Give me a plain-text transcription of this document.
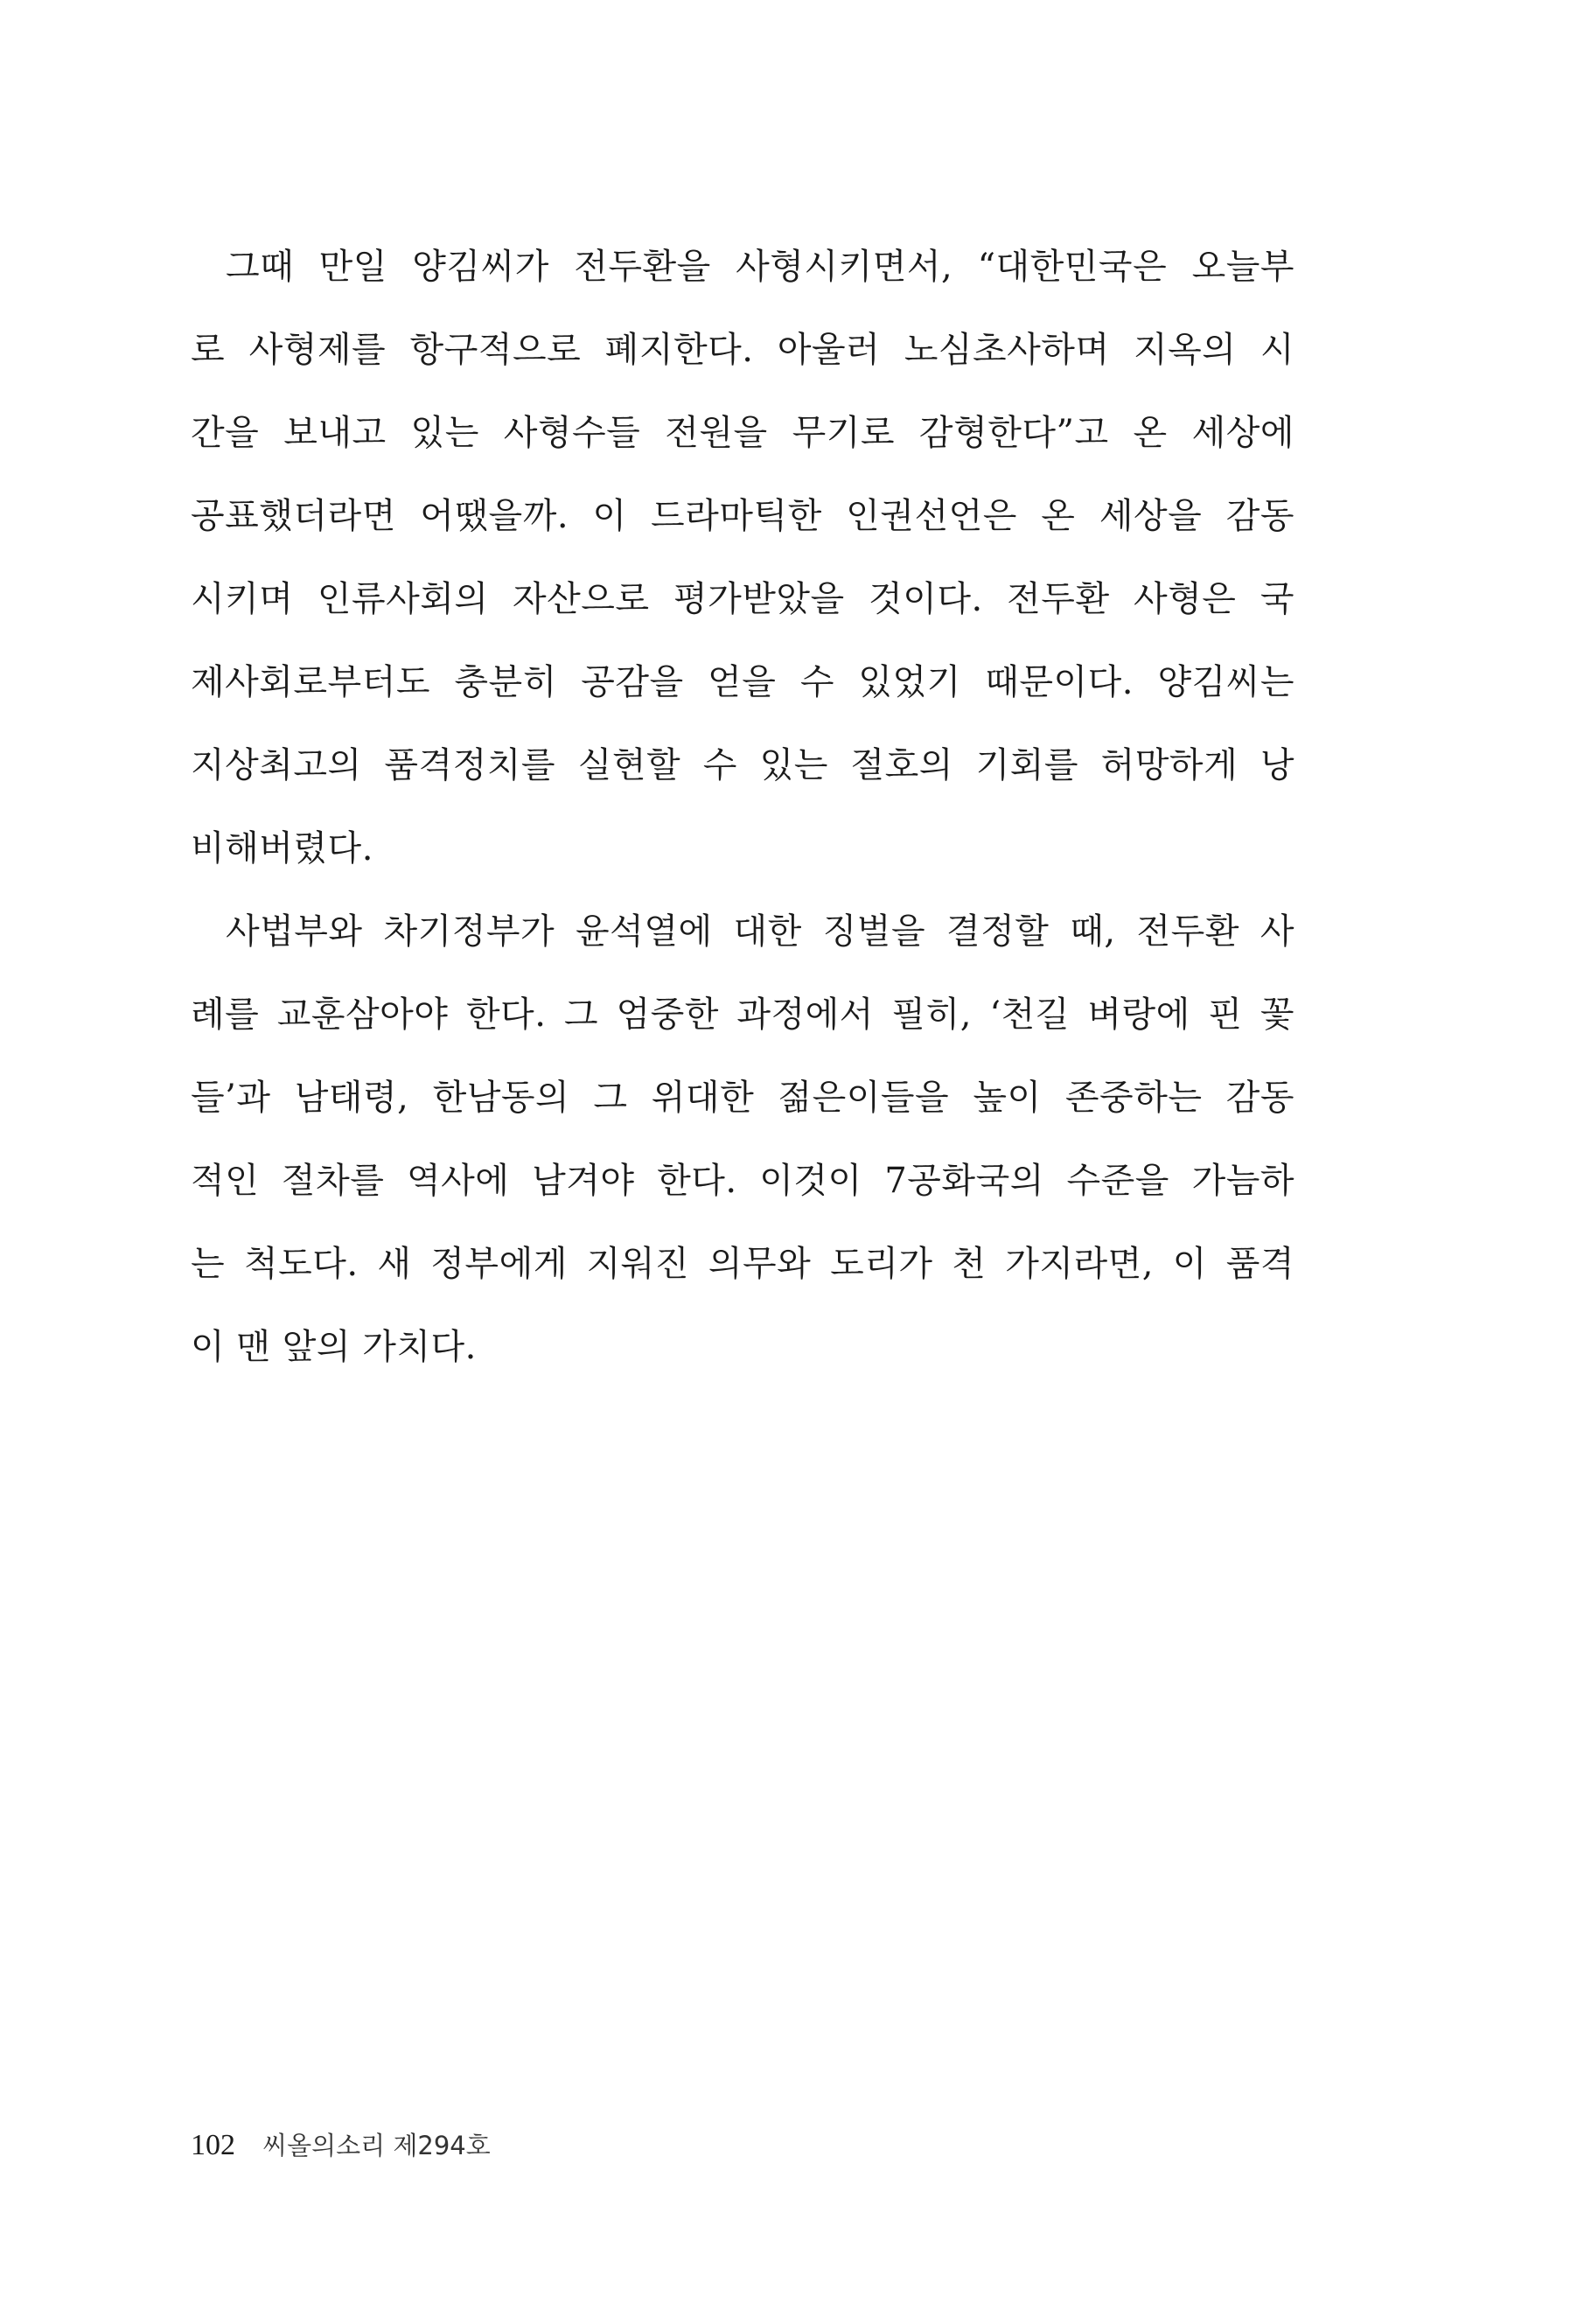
그때 만일 양김씨가 전두환을 사형시키면서, “대한민국은 오늘부
로 사형제를 항구적으로 폐지한다. 아울러 노심초사하며 지옥의 시
간을 보내고 있는 사형수들 전원을 무기로 감형한다”고 온 세상에
공표했더라면 어땠을까. 이 드라마틱한 인권선언은 온 세상을 감동
시키며 인류사회의 자산으로 평가받았을 것이다. 전두환 사형은 국
제사회로부터도 충분히 공감을 얻을 수 있었기 때문이다. 양김씨는
지상최고의 품격정치를 실현할 수 있는 절호의 기회를 허망하게 낭
비해버렸다.

사법부와 차기정부가 윤석열에 대한 징벌을 결정할 때, 전두환 사
례를 교훈삼아야 한다. 그 엄중한 과정에서 필히, ‘천길 벼랑에 핀 꽃
들’과 남태령, 한남동의 그 위대한 젊은이들을 높이 존중하는 감동
적인 절차를 역사에 남겨야 한다. 이것이 7공화국의 수준을 가늠하
는 척도다. 새 정부에게 지워진 의무와 도리가 천 가지라면, 이 품격
이 맨 앞의 가치다.

102 씨올의소리 제294호
